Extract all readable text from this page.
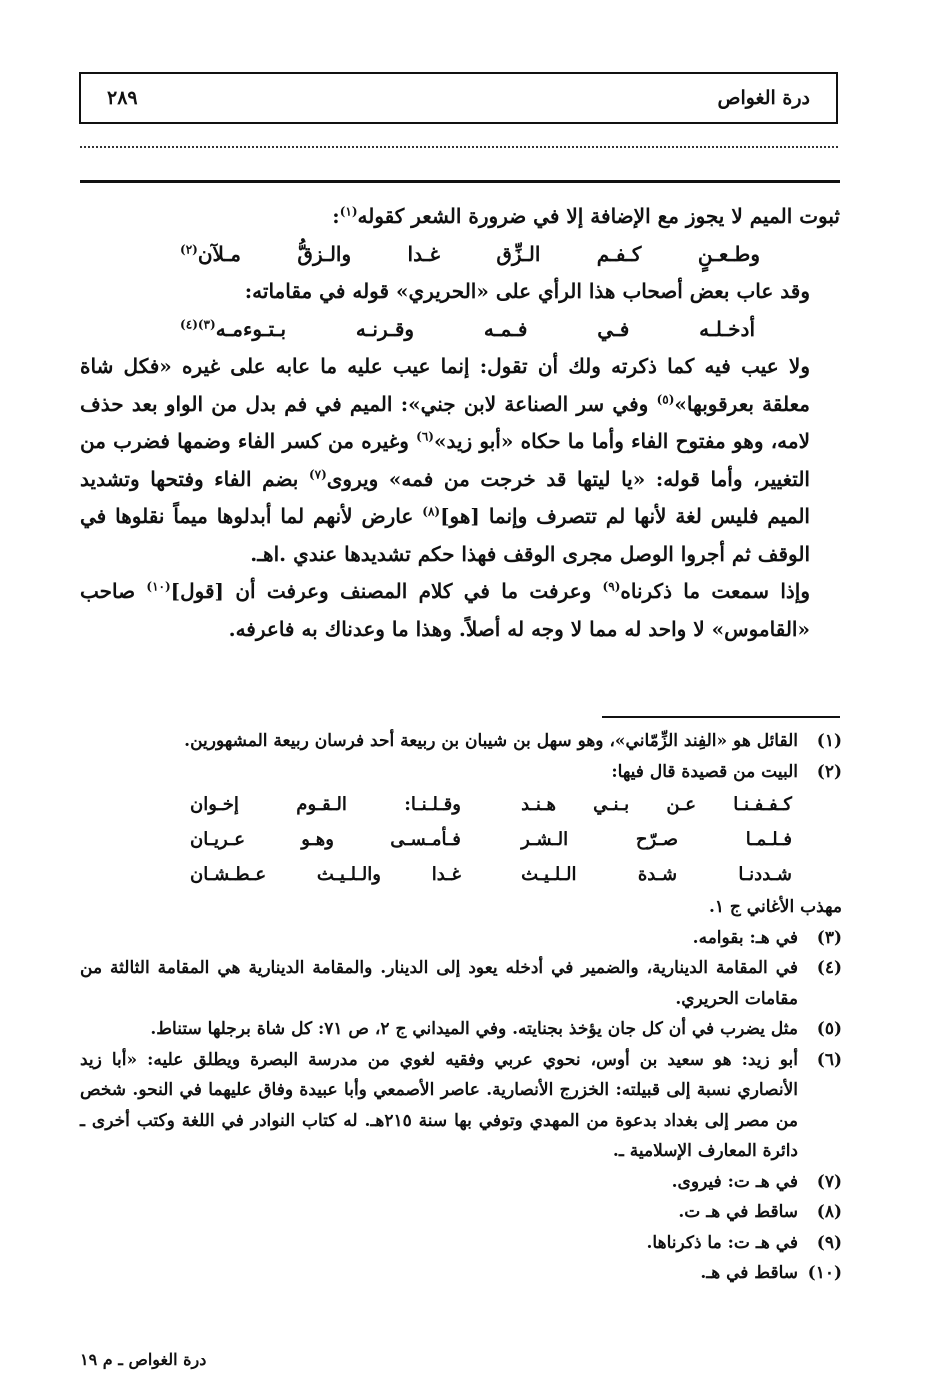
٢٨٩	درة الغواص

ثبوت الميم لا يجوز مع الإضافة إلا في ضرورة الشعر كقوله$^{(١)}$:

وطـعـنٍ
كـفـم
الـزِّق
غـدا
والـزقُّ
مـلآن$^{(٢)}$

وقد عاب بعض أصحاب هذا الرأي على «الحريري» قوله في مقاماته:

أدخـلـه
فـي
فـمـه
وقـرنـه
بـتـوءمـه$^{(٣)(٤)}$

ولا عيب فيه كما ذكرته ولك أن تقول: إنما عيب عليه ما عابه على غيره «فكل شاة معلقة بعرقوبها»$^{(٥)}$ وفي سر الصناعة لابن جني»: الميم في فم بدل من الواو بعد حذف لامه، وهو مفتوح الفاء وأما ما حكاه «أبو زيد»$^{(٦)}$ وغيره من كسر الفاء وضمها فضرب من التغيير، وأما قوله: «يا ليتها قد خرجت من فمه» ويروى$^{(٧)}$ بضم الفاء وفتحها وتشديد الميم فليس لغة لأنها لم تتصرف وإنما [هو]$^{(٨)}$ عارض لأنهم لما أبدلوها ميماً نقلوها في الوقف ثم أجروا الوصل مجرى الوقف فهذا حكم تشديدها عندي .اهـ.

وإذا سمعت ما ذكرناه$^{(٩)}$ وعرفت ما في كلام المصنف وعرفت أن [قول]$^{(١٠)}$ صاحب «القاموس» لا واحد له مما لا وجه له أصلاً. وهذا ما وعدناك به فاعرفه.

(١)
القائل هو «الفِند الزِّمّاني»، وهو سهل بن شيبان بن ربيعة أحد فرسان ربيعة المشهورين.
(٢)
البيت من قصيدة قال فيها:
كـفـفـنـا عـن بـنـي هـنـد
وقـلـنـا: الـقـوم إخـوان
فـلـمـا صـرّح الـشـر
فـأمـسـى وهـو عـريـان
شـددنـا شـدة الـلـيـث
غـدا والـلـيـث عـطـشـان
مهذب الأغاني ج ١.
(٣)
في هـ: بقوامه.
(٤)
في المقامة الدينارية، والضمير في أدخله يعود إلى الدينار. والمقامة الدينارية هي المقامة الثالثة من مقامات الحريري.
(٥)
مثل يضرب في أن كل جان يؤخذ بجنايته. وفي الميداني ج ٢، ص ٧١: كل شاة برجلها ستناط.
(٦)
أبو زيد: هو سعيد بن أوس، نحوي عربي وفقيه لغوي من مدرسة البصرة ويطلق عليه: «أبا زيد الأنصاري نسبة إلى قبيلته: الخزرج الأنصارية. عاصر الأصمعي وأبا عبيدة وفاق عليهما في النحو. شخص من مصر إلى بغداد بدعوة من المهدي وتوفي بها سنة ٢١٥هـ. له كتاب النوادر في اللغة وكتب أخرى ـ دائرة المعارف الإسلامية ـ.
(٧)
في هـ ت: فيروى.
(٨)
ساقط في هـ ت.
(٩)
في هـ ت: ما ذكرناها.
(١٠)
ساقط في هـ.
درة الغواص ـ م ١٩
